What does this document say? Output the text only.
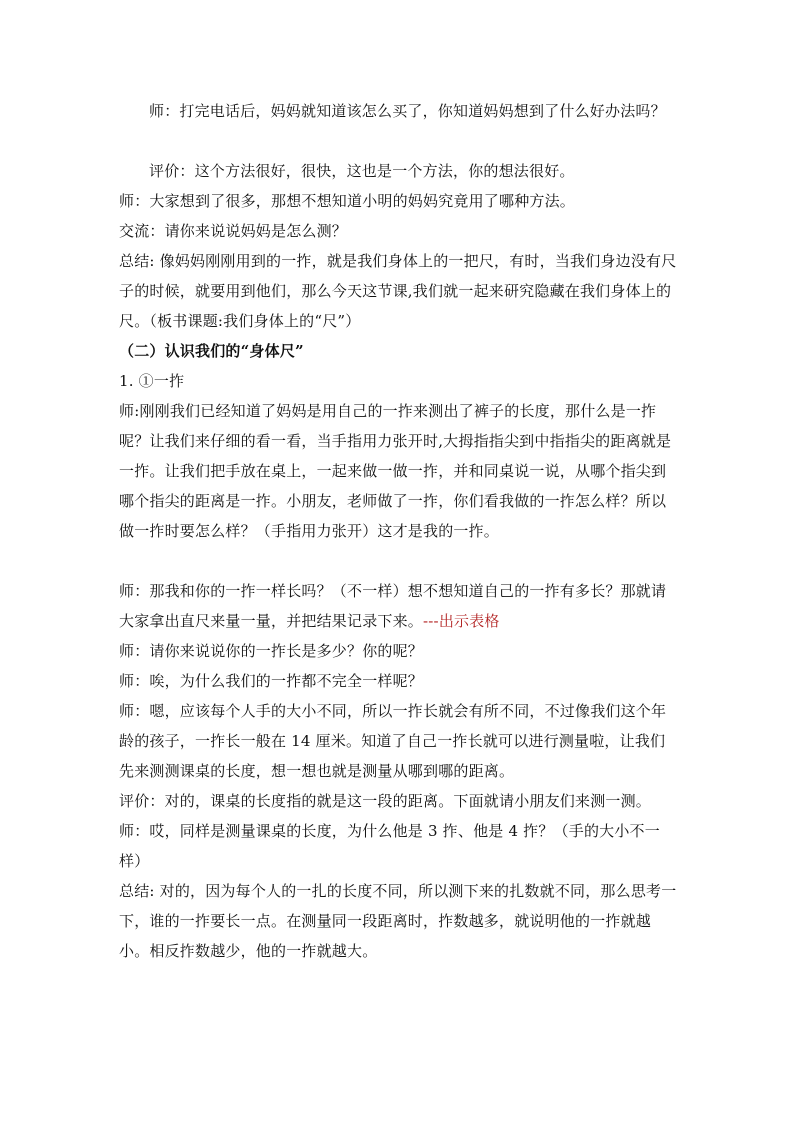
师：打完电话后，妈妈就知道该怎么买了，你知道妈妈想到了什么好办法吗？

评价：这个方法很好，很快，这也是一个方法，你的想法很好。

师：大家想到了很多，那想不想知道小明的妈妈究竟用了哪种方法。

交流：请你来说说妈妈是怎么测？

总结: 像妈妈刚刚用到的一拃，就是我们身体上的一把尺，有时，当我们身边没有尺子的时候，就要用到他们，那么今天这节课,我们就一起来研究隐藏在我们身体上的尺。（板书课题:我们身体上的“尺”）

（二）认识我们的“身体尺”

1. ①一拃

师:刚刚我们已经知道了妈妈是用自己的一拃来测出了裤子的长度，那什么是一拃呢？让我们来仔细的看一看，当手指用力张开时,大拇指指尖到中指指尖的距离就是一拃。让我们把手放在桌上，一起来做一做一拃，并和同桌说一说，从哪个指尖到哪个指尖的距离是一拃。小朋友，老师做了一拃，你们看我做的一拃怎么样？所以做一拃时要怎么样？（手指用力张开）这才是我的一拃。

师：那我和你的一拃一样长吗？（不一样）想不想知道自己的一拃有多长？那就请大家拿出直尺来量一量，并把结果记录下来。---出示表格

师：请你来说说你的一拃长是多少？你的呢？

师：唉，为什么我们的一拃都不完全一样呢？

师：嗯，应该每个人手的大小不同，所以一拃长就会有所不同，不过像我们这个年龄的孩子，一拃长一般在 14 厘米。知道了自己一拃长就可以进行测量啦，让我们先来测测课桌的长度，想一想也就是测量从哪到哪的距离。

评价：对的，课桌的长度指的就是这一段的距离。下面就请小朋友们来测一测。

师：哎，同样是测量课桌的长度，为什么他是 3 拃、他是 4 拃？（手的大小不一样）

总结: 对的，因为每个人的一扎的长度不同，所以测下来的扎数就不同，那么思考一下，谁的一拃要长一点。在测量同一段距离时，拃数越多，就说明他的一拃就越小。相反拃数越少，他的一拃就越大。
